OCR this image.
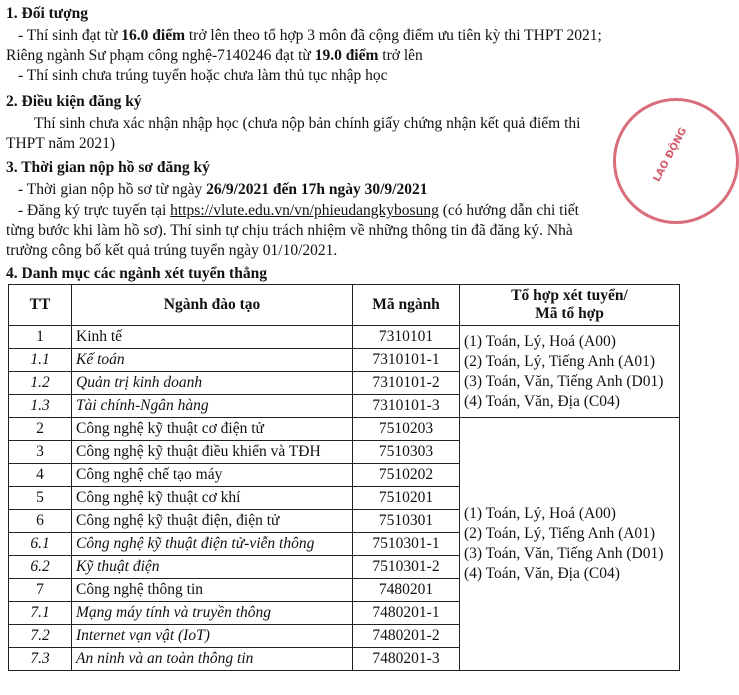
LAO ĐỘNG
1. Đối tượng
- Thí sinh đạt từ 16.0 điểm trở lên theo tổ hợp 3 môn đã cộng điểm ưu tiên kỳ thi THPT 2021;
Riêng ngành Sư phạm công nghệ-7140246 đạt từ 19.0 điểm trở lên
- Thí sinh chưa trúng tuyển hoặc chưa làm thủ tục nhập học
2. Điều kiện đăng ký
Thí sinh chưa xác nhận nhập học (chưa nộp bản chính giấy chứng nhận kết quả điểm thi
THPT năm 2021)
3. Thời gian nộp hồ sơ đăng ký
- Thời gian nộp hồ sơ từ ngày 26/9/2021 đến 17h ngày 30/9/2021
- Đăng ký trực tuyến tại https://vlute.edu.vn/vn/phieudangkybosung (có hướng dẫn chi tiết
từng bước khi làm hồ sơ). Thí sinh tự chịu trách nhiệm về những thông tin đã đăng ký. Nhà
trường công bố kết quả trúng tuyển ngày 01/10/2021.
4. Danh mục các ngành xét tuyển thẳng
TT	Ngành đào tạo	Mã ngành	Tổ hợp xét tuyển/
Mã tổ hợp

1	Kinh tế	7310101	(1) Toán, Lý, Hoá (A00)
(2) Toán, Lý, Tiếng Anh (A01)
(3) Toán, Văn, Tiếng Anh (D01)
(4) Toán, Văn, Địa (C04)

1.1	Kế toán	7310101-1	
1.2	Quản trị kinh doanh	7310101-2	
1.3	Tài chính-Ngân hàng	7310101-3	
2	Công nghệ kỹ thuật cơ điện tử	7510203	(1) Toán, Lý, Hoá (A00)
(2) Toán, Lý, Tiếng Anh (A01)
(3) Toán, Văn, Tiếng Anh (D01)
(4) Toán, Văn, Địa (C04)

3	Công nghệ kỹ thuật điều khiển và TĐH	7510303	
4	Công nghệ chế tạo máy	7510202	
5	Công nghệ kỹ thuật cơ khí	7510201	
6	Công nghệ kỹ thuật điện, điện tử	7510301	
6.1	Công nghệ kỹ thuật điện tử-viễn thông	7510301-1	
6.2	Kỹ thuật điện	7510301-2	
7	Công nghệ thông tin	7480201	
7.1	Mạng máy tính và truyền thông	7480201-1	
7.2	Internet vạn vật (IoT)	7480201-2	
7.3	An ninh và an toàn thông tin	7480201-3	
